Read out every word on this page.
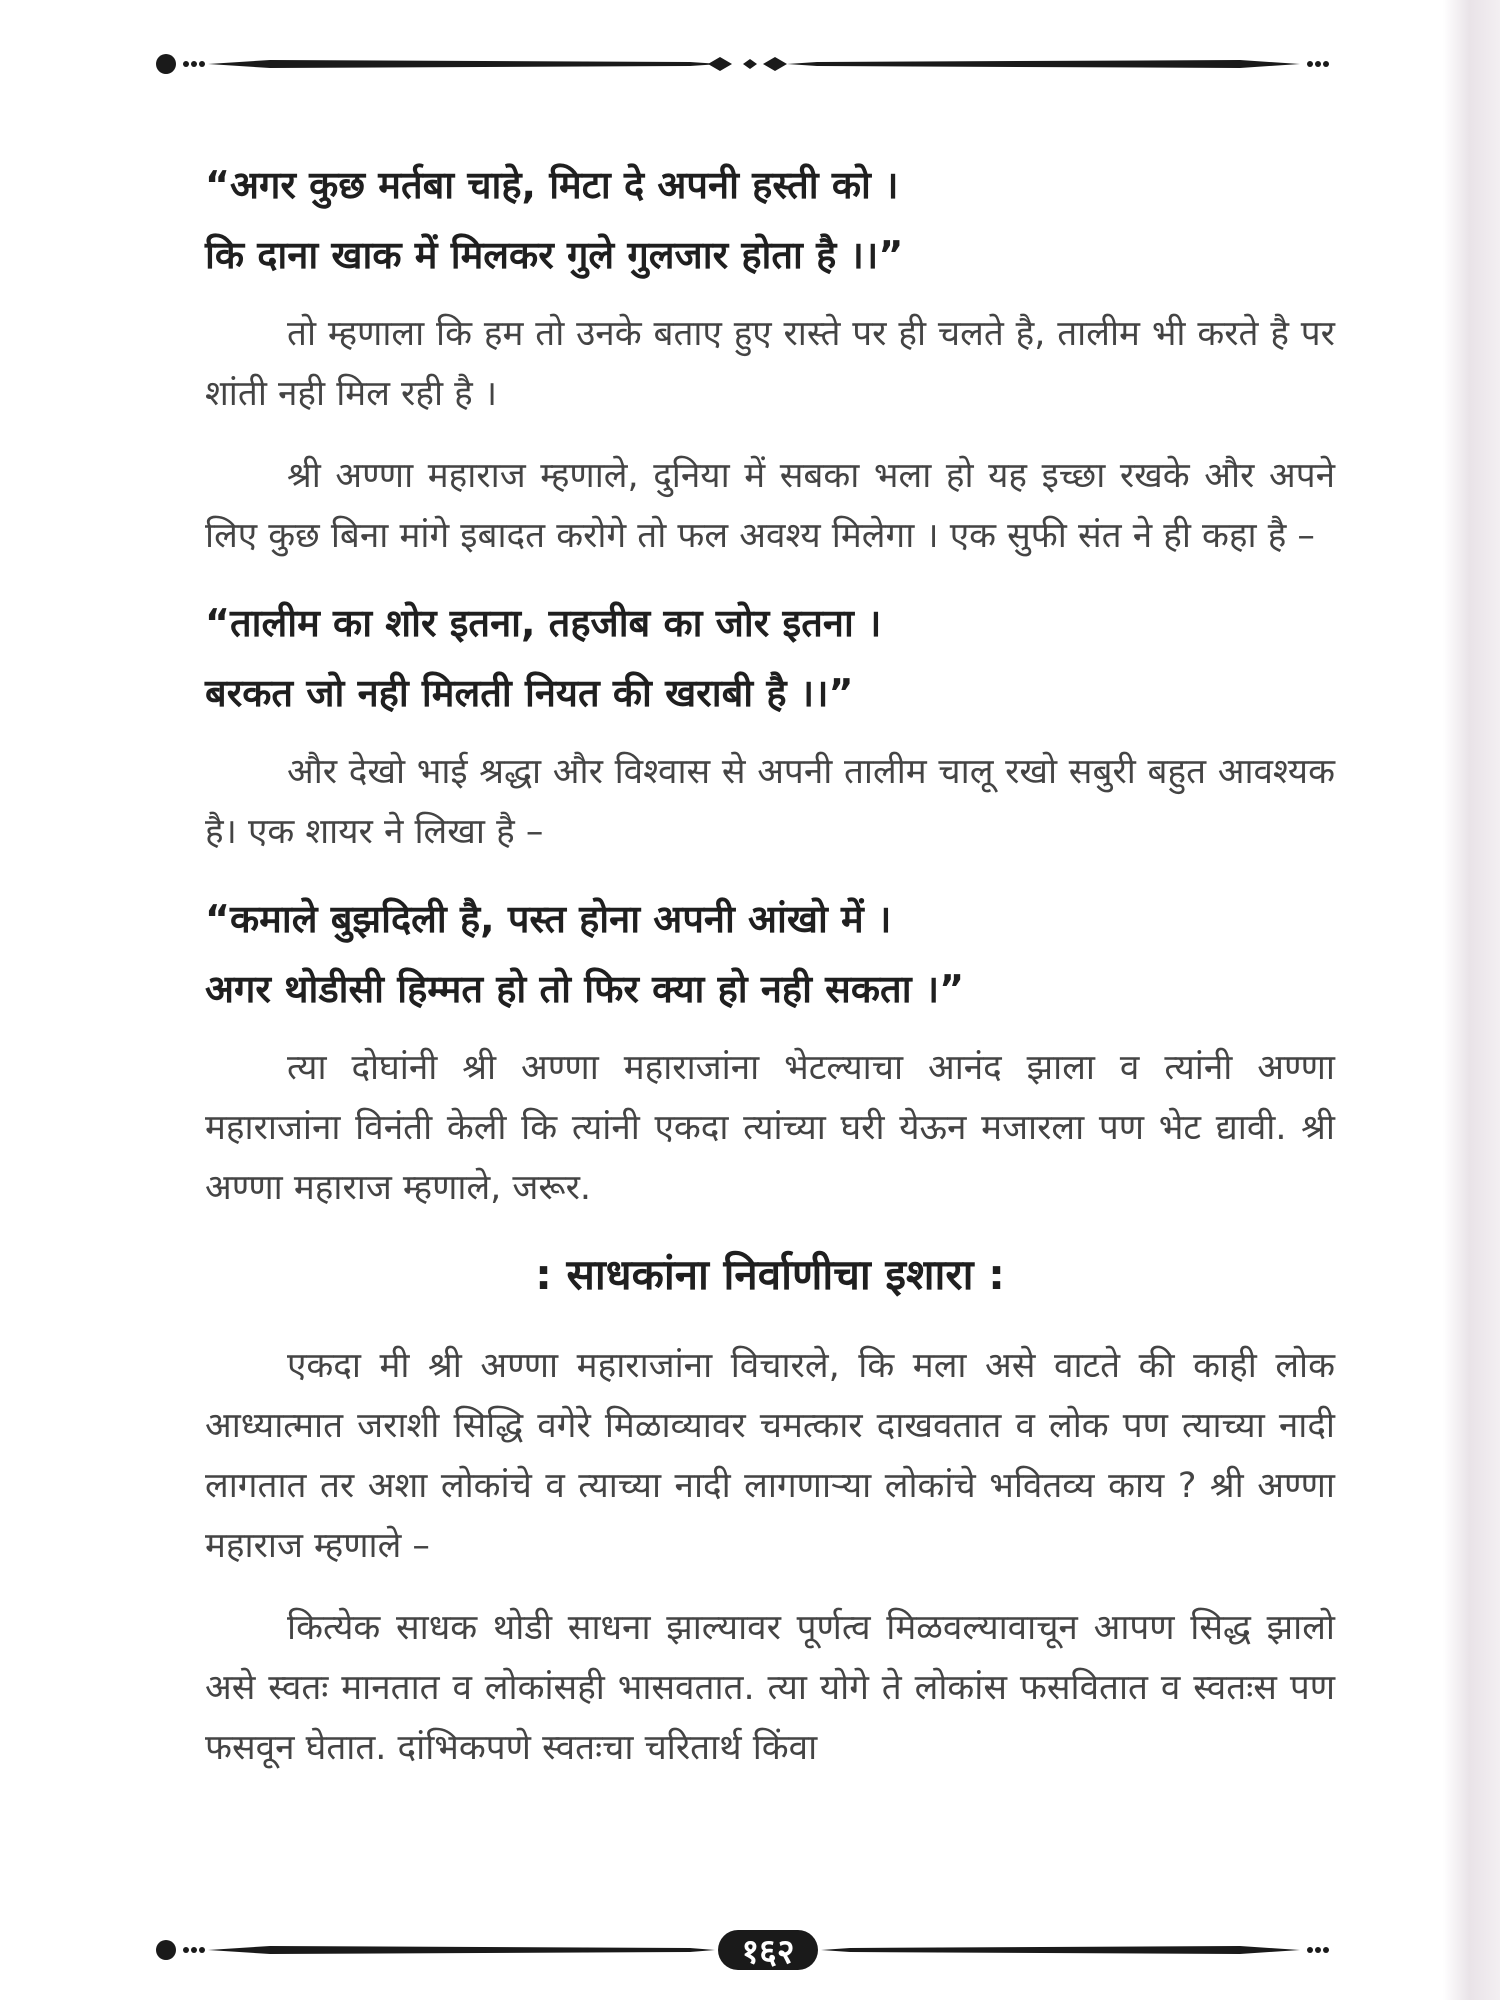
“अगर कुछ मर्तबा चाहे, मिटा दे अपनी हस्ती को ।
कि दाना खाक में मिलकर गुले गुलजार होता है ।।”

तो म्हणाला कि हम तो उनके बताए हुए रास्ते पर ही चलते है, तालीम भी करते है पर शांती नही मिल रही है ।

श्री अण्णा महाराज म्हणाले, दुनिया में सबका भला हो यह इच्छा रखके और अपने लिए कुछ बिना मांगे इबादत करोगे तो फल अवश्य मिलेगा । एक सुफी संत ने ही कहा है –

“तालीम का शोर इतना, तहजीब का जोर इतना ।
बरकत जो नही मिलती नियत की खराबी है ।।”

और देखो भाई श्रद्धा और विश्वास से अपनी तालीम चालू रखो सबुरी बहुत आवश्यक है। एक शायर ने लिखा है –

“कमाले बुझदिली है, पस्त होना अपनी आंखो में ।
अगर थोडीसी हिम्मत हो तो फिर क्या हो नही सकता ।”

त्या दोघांनी श्री अण्णा महाराजांना भेटल्याचा आनंद झाला व त्यांनी अण्णा महाराजांना विनंती केली कि त्यांनी एकदा त्यांच्या घरी येऊन मजारला पण भेट द्यावी. श्री अण्णा महाराज म्हणाले, जरूर.

: साधकांना निर्वाणीचा इशारा :

एकदा मी श्री अण्णा महाराजांना विचारले, कि मला असे वाटते की काही लोक आध्यात्मात जराशी सिद्धि वगेरे मिळाव्यावर चमत्कार दाखवतात व लोक पण त्याच्या नादी लागतात तर अशा लोकांचे व त्याच्या नादी लागणाऱ्या लोकांचे भवितव्य काय ? श्री अण्णा महाराज म्हणाले –

कित्येक साधक थोडी साधना झाल्यावर पूर्णत्व मिळवल्यावाचून आपण सिद्ध झालो असे स्वतः मानतात व लोकांसही भासवतात. त्या योगे ते लोकांस फसवितात व स्वतःस पण फसवून घेतात. दांभिकपणे स्वतःचा चरितार्थ किंवा

१६२
